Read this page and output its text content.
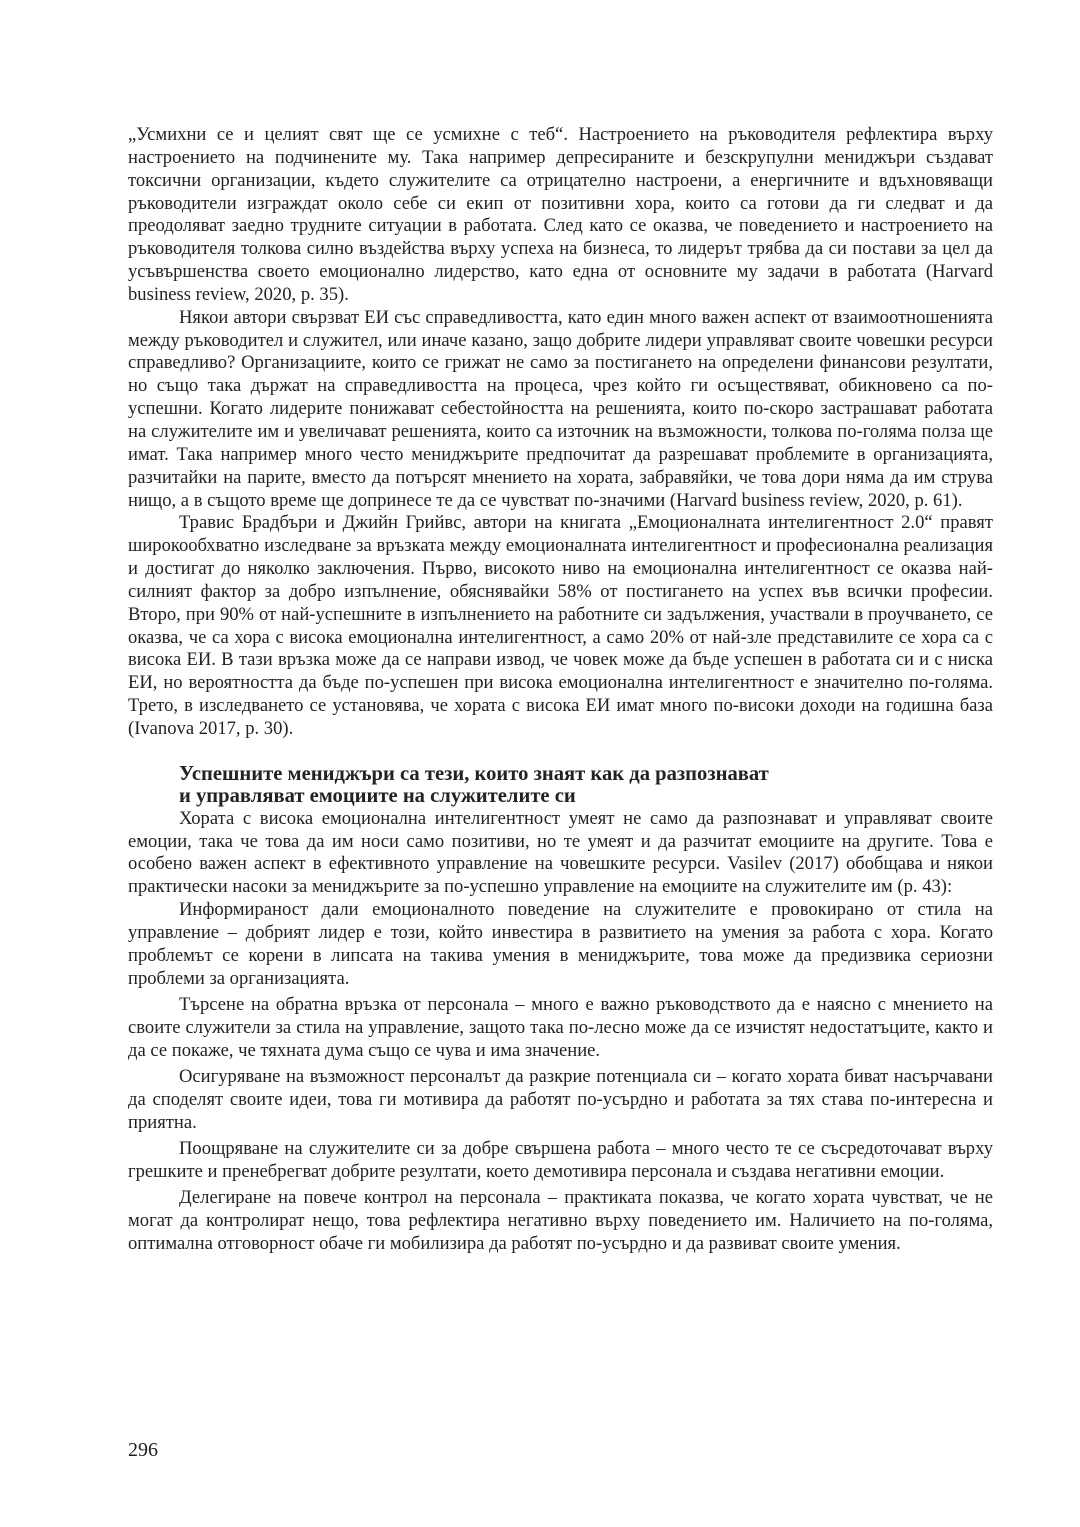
„Усмихни се и целият свят ще се усмихне с теб“. Настроението на ръководителя рефлектира върху настроението на подчинените му. Така например депресираните и безскрупулни мениджъри създават токсични организации, където служителите са отрицателно настроени, а енергичните и вдъхновяващи ръководители изграждат около себе си екип от позитивни хора, които са готови да ги следват и да преодоляват заедно трудните ситуации в работата. След като се оказва, че поведението и настроението на ръководителя толкова силно въздейства върху успеха на бизнеса, то лидерът трябва да си постави за цел да усъвършенства своето емоционално лидерство, като една от основните му задачи в работата (Harvard business review, 2020, p. 35).

Някои автори свързват ЕИ със справедливостта, като един много важен аспект от взаимоотношенията между ръководител и служител, или иначе казано, защо добрите лидери управляват своите човешки ресурси справедливо? Организациите, които се грижат не само за постигането на определени финансови резултати, но също така държат на справедливостта на процеса, чрез който ги осъществяват, обикновено са по-успешни. Когато лидерите понижават себестойността на решенията, които по-скоро застрашават работата на служителите им и увеличават решенията, които са източник на възможности, толкова по-голяма полза ще имат. Така например много често мениджърите предпочитат да разрешават проблемите в организацията, разчитайки на парите, вместо да потърсят мнението на хората, забравяйки, че това дори няма да им струва нищо, а в същото време ще допринесе те да се чувстват по-значими (Harvard business review, 2020, p. 61).

Травис Брадбъри и Джийн Грийвс, автори на книгата „Емоционалната интелигентност 2.0“ правят широкообхватно изследване за връзката между емоционалната интелигентност и професионална реализация и достигат до няколко заключения. Първо, високото ниво на емоционална интелигентност се оказва най-силният фактор за добро изпълнение, обяснявайки 58% от постигането на успех във всички професии. Второ, при 90% от най-успешните в изпълнението на работните си задължения, участвали в проучването, се оказва, че са хора с висока емоционална интелигентност, а само 20% от най-зле представилите се хора са с висока ЕИ. В тази връзка може да се направи извод, че човек може да бъде успешен в работата си и с ниска ЕИ, но вероятността да бъде по-успешен при висока емоционална интелигентност е значително по-голяма. Трето, в изследването се установява, че хората с висока ЕИ имат много по-високи доходи на годишна база (Ivanova 2017, p. 30).

Успешните мениджъри са тези, които знаят как да разпознават
и управляват емоциите на служителите си

Хората с висока емоционална интелигентност умеят не само да разпознават и управляват своите емоции, така че това да им носи само позитиви, но те умеят и да разчитат емоциите на другите. Това е особено важен аспект в ефективното управление на човешките ресурси. Vasilev (2017) обобщава и някои практически насоки за мениджърите за по-успешно управление на емоциите на служителите им (p. 43):

Информираност дали емоционалното поведение на служителите е провокирано от стила на управление – добрият лидер е този, който инвестира в развитието на умения за работа с хора. Когато проблемът се корени в липсата на такива умения в мениджърите, това може да предизвика сериозни проблеми за организацията.

Търсене на обратна връзка от персонала – много е важно ръководството да е наясно с мнението на своите служители за стила на управление, защото така по-лесно може да се изчистят недостатъците, както и да се покаже, че тяхната дума също се чува и има значение.

Осигуряване на възможност персоналът да разкрие потенциала си – когато хората биват насърчавани да споделят своите идеи, това ги мотивира да работят по-усърдно и работата за тях става по-интересна и приятна.

Поощряване на служителите си за добре свършена работа – много често те се съсредоточават върху грешките и пренебрегват добрите резултати, което демотивира персонала и създава негативни емоции.

Делегиране на повече контрол на персонала – практиката показва, че когато хората чувстват, че не могат да контролират нещо, това рефлектира негативно върху поведението им. Наличието на по-голяма, оптимална отговорност обаче ги мобилизира да работят по-усърдно и да развиват своите умения.

296
